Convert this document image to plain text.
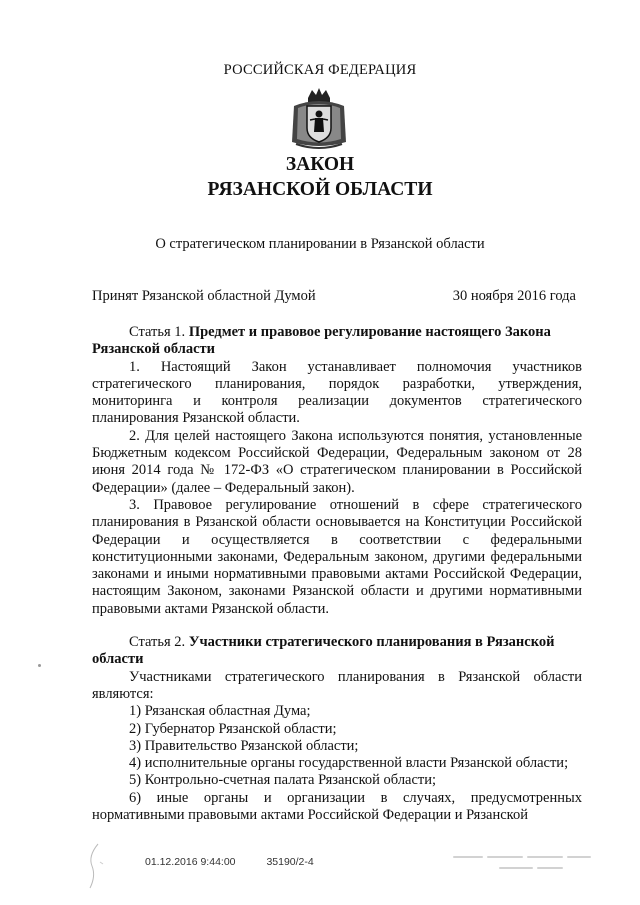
РОССИЙСКАЯ ФЕДЕРАЦИЯ
ЗАКОН
РЯЗАНСКОЙ ОБЛАСТИ
О стратегическом планировании в Рязанской области
Принят Рязанской областной Думой	30 ноября 2016 года

Статья 1. Предмет и правовое регулирование настоящего Закона Рязанской области

1. Настоящий Закон устанавливает полномочия участников стратегического планирования, порядок разработки, утверждения, мониторинга и контроля реализации документов стратегического планирования Рязанской области.

2. Для целей настоящего Закона используются понятия, установленные Бюджетным кодексом Российской Федерации, Федеральным законом от 28 июня 2014 года № 172-ФЗ «О стратегическом планировании в Российской Федерации» (далее – Федеральный закон).

3. Правовое регулирование отношений в сфере стратегического планирования в Рязанской области основывается на Конституции Российской Федерации и осуществляется в соответствии с федеральными конституционными законами, Федеральным законом, другими федеральными законами и иными нормативными правовыми актами Российской Федерации, настоящим Законом, законами Рязанской области и другими нормативными правовыми актами Рязанской области.

Статья 2. Участники стратегического планирования в Рязанской области

Участниками стратегического планирования в Рязанской области являются:

1) Рязанская областная Дума;

2) Губернатор Рязанской области;

3) Правительство Рязанской области;

4) исполнительные органы государственной власти Рязанской области;

5) Контрольно-счетная палата Рязанской области;

6) иные органы и организации в случаях, предусмотренных нормативными правовыми актами Российской Федерации и Рязанской

01.12.2016 9:44:00	35190/2-4
